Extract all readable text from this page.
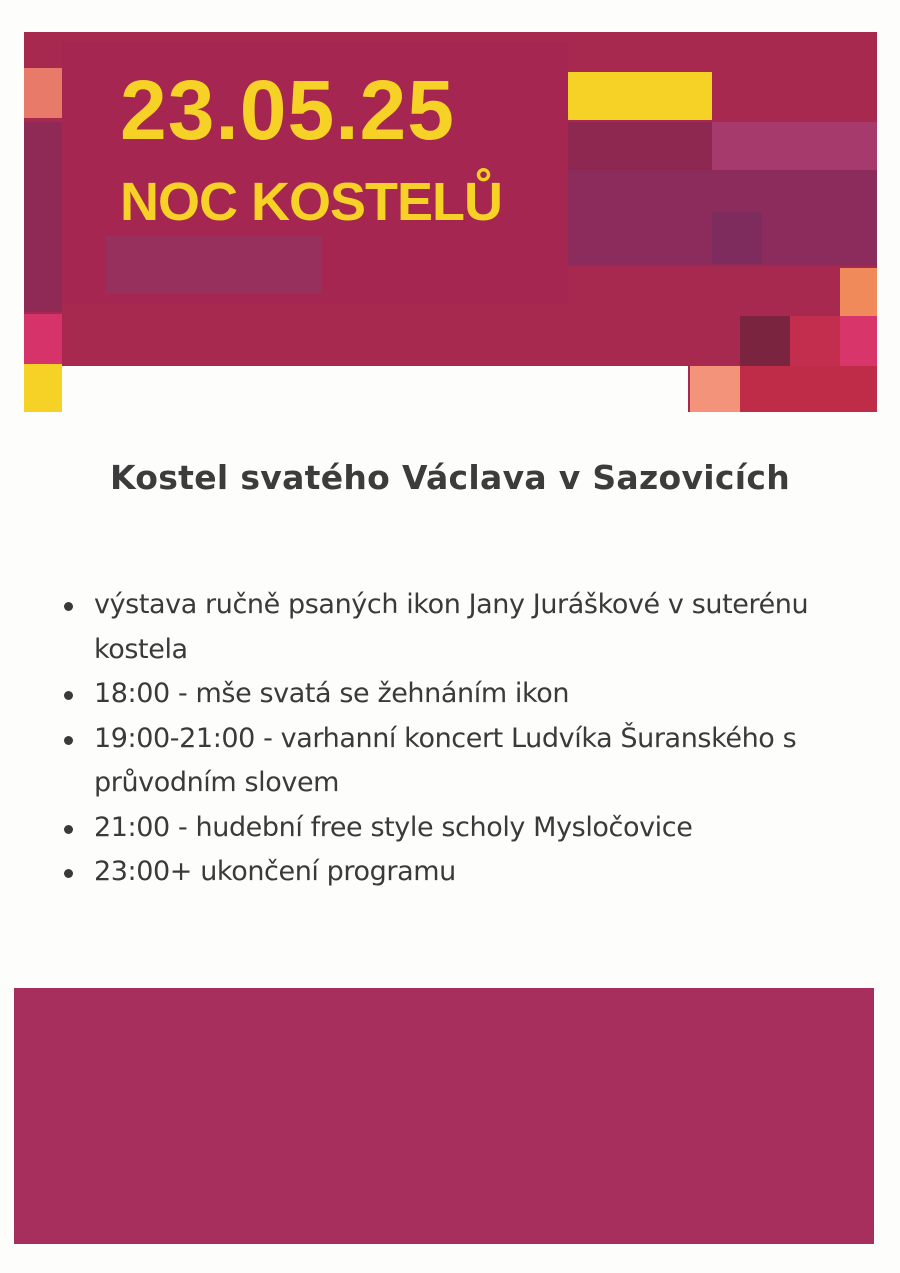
23.05.25
NOC KOSTELŮ
Kostel svatého Václava v Sazovicích
výstava ručně psaných ikon Jany Juráškové v suterénu kostela
18:00 - mše svatá se žehnáním ikon
19:00-21:00 - varhanní koncert Ludvíka Šuranského s průvodním slovem
21:00 - hudební free style scholy Mysločovice
23:00+ ukončení programu
